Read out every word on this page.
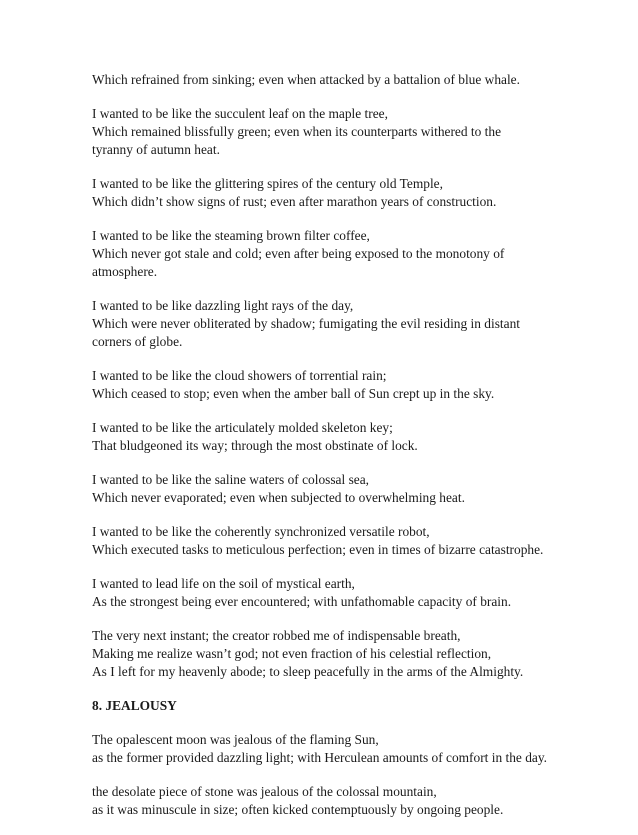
Which refrained from sinking; even when attacked by a battalion of blue whale.

I wanted to be like the succulent leaf on the maple tree,
Which remained blissfully green; even when its counterparts withered to the
tyranny of autumn heat.

I wanted to be like the glittering spires of the century old Temple,
Which didn’t show signs of rust; even after marathon years of construction.

I wanted to be like the steaming brown filter coffee,
Which never got stale and cold; even after being exposed to the monotony of
atmosphere.

I wanted to be like dazzling light rays of the day,
Which were never obliterated by shadow; fumigating the evil residing in distant
corners of globe.

I wanted to be like the cloud showers of torrential rain;
Which ceased to stop; even when the amber ball of Sun crept up in the sky.

I wanted to be like the articulately molded skeleton key;
That bludgeoned its way; through the most obstinate of lock.

I wanted to be like the saline waters of colossal sea,
Which never evaporated; even when subjected to overwhelming heat.

I wanted to be like the coherently synchronized versatile robot,
Which executed tasks to meticulous perfection; even in times of bizarre catastrophe.

I wanted to lead life on the soil of mystical earth,
As the strongest being ever encountered; with unfathomable capacity of brain.

The very next instant; the creator robbed me of indispensable breath,
Making me realize wasn’t god; not even fraction of his celestial reflection,
As I left for my heavenly abode; to sleep peacefully in the arms of the Almighty.

8. JEALOUSY

The opalescent moon was jealous of the flaming Sun,
as the former provided dazzling light; with Herculean amounts of comfort in the day.

the desolate piece of stone was jealous of the colossal mountain,
as it was minuscule in size; often kicked contemptuously by ongoing people.
